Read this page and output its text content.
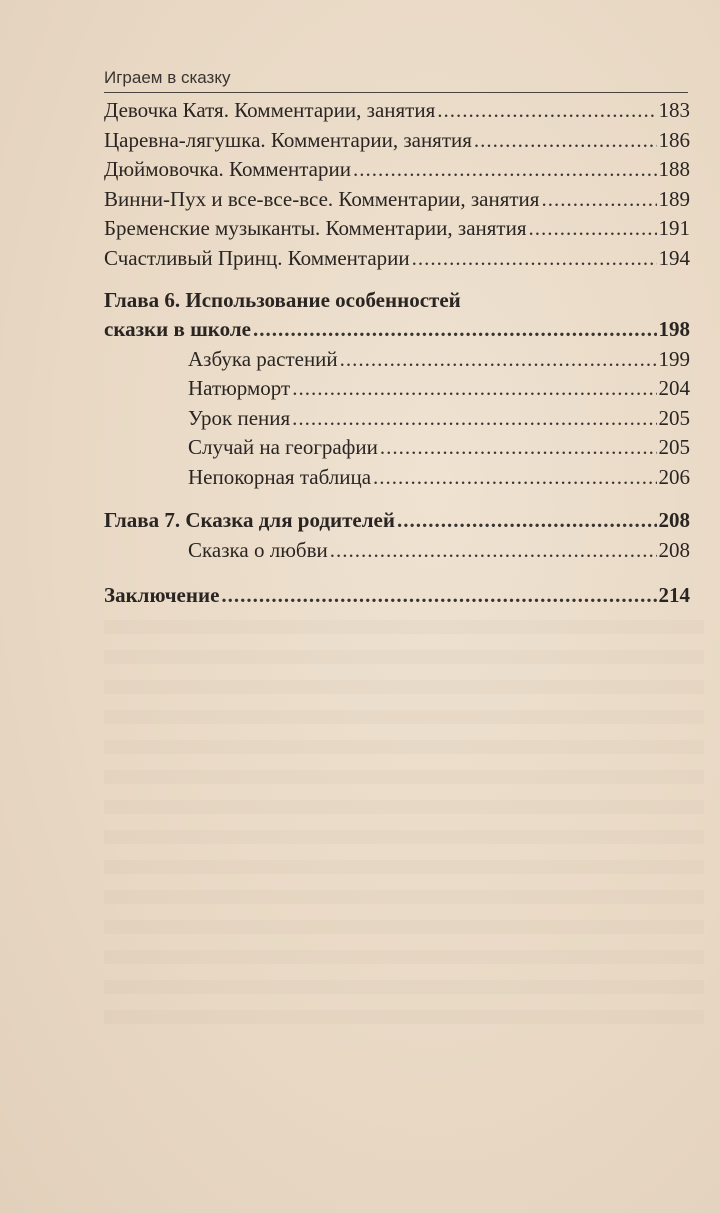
Играем в сказку
Девочка Катя. Комментарии, занятия .....	183
Царевна-лягушка. Комментарии, занятия .....	186
Дюймовочка. Комментарии .....	188
Винни-Пух и все-все-все. Комментарии, занятия .....	189
Бременские музыканты. Комментарии, занятия .....	191
Счастливый Принц. Комментарии .....	194
Глава 6. Использование особенностей
сказки в школе .....	198
Азбука растений .....	199
Натюрморт .....	204
Урок пения .....	205
Случай на географии .....	205
Непокорная таблица .....	206
Глава 7. Сказка для родителей .....	208
Сказка о любви .....	208
Заключение .....	214
